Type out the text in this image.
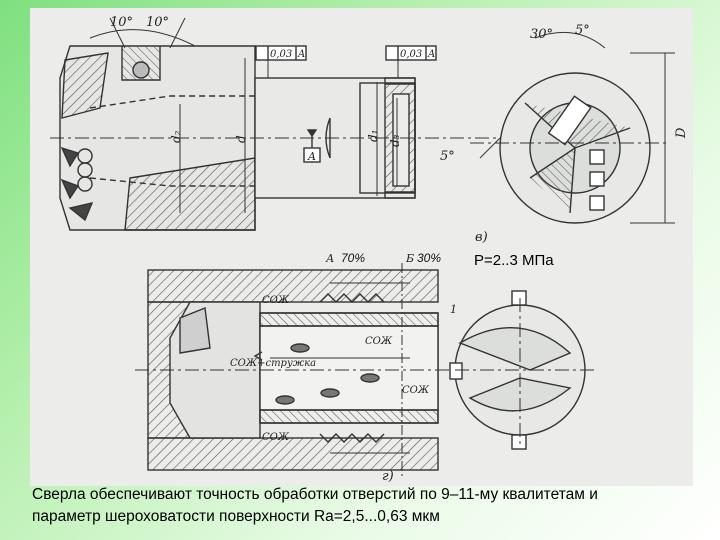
10° 10°
0,03 A	0,03 A
A
d₂	d	d₁ d₃
D
30° 5°
5°
в)
А	Б
1
СОЖ
СОЖ+стружка
СОЖ
СОЖ
СОЖ
г)
70%	30% Р=2..3 МПа
Сверла обеспечивают точность обработки отверстий по 9–11-му квалитетам и
параметр шероховатости поверхности Ra=2,5...0,63 мкм
